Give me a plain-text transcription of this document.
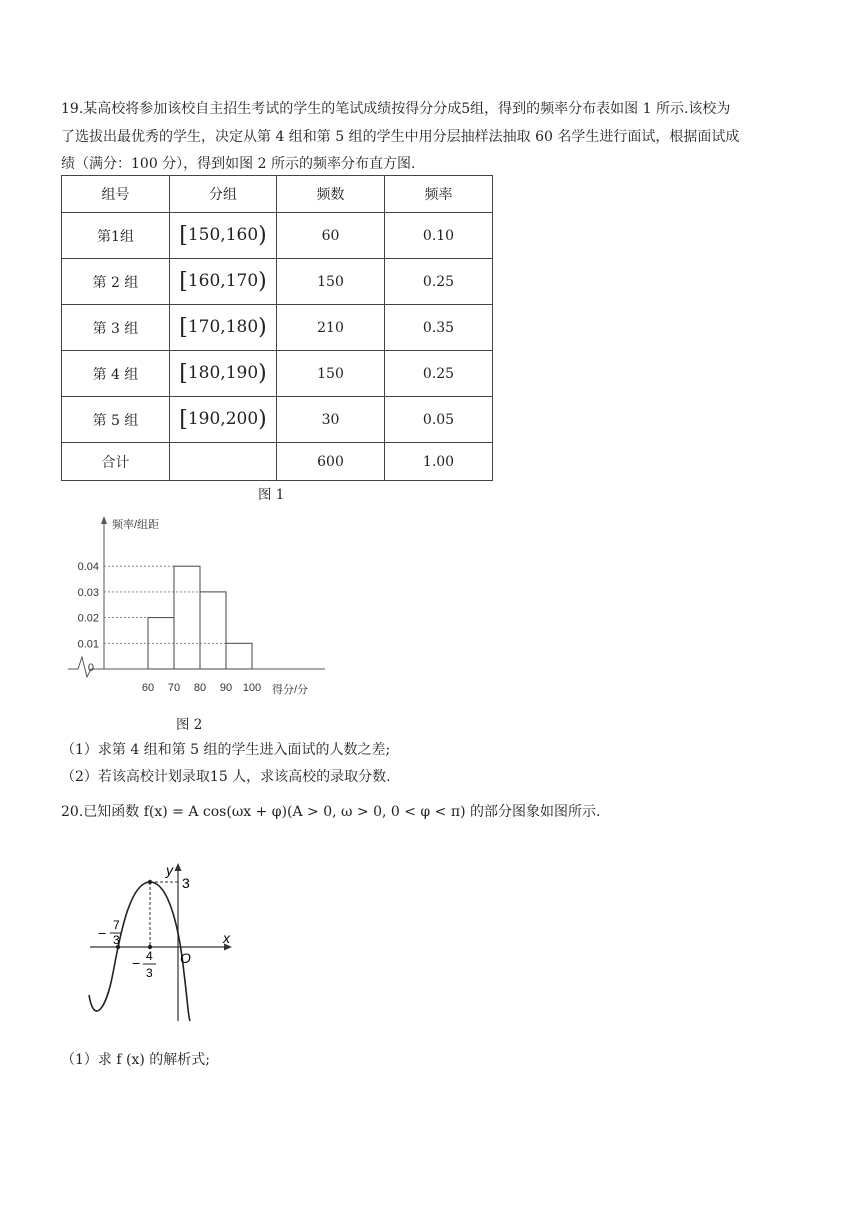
19.某高校将参加该校自主招生考试的学生的笔试成绩按得分分成5组，得到的频率分布表如图 1 所示.该校为

了选拔出最优秀的学生，决定从第 4 组和第 5 组的学生中用分层抽样法抽取 60 名学生进行面试，根据面试成

绩（满分：100 分），得到如图 2 所示的频率分布直方图.

组号	分组	频数	频率
第1组	[150,160)	60	0.10
第 2 组	[160,170)	150	0.25
第 3 组	[170,180)	210	0.35
第 4 组	[180,190)	150	0.25
第 5 组	[190,200)	30	0.05
合计		600	1.00
图 1
0.04
0.03
0.02
0.01
0
60 70 80 90 100
频率/组距
得分/分
图 2

（1）求第 4 组和第 5 组的学生进入面试的人数之差;

（2）若该高校计划录取15 人，求该高校的录取分数.

20.已知函数 f(x) = A cos(ωx + φ)(A > 0, ω > 0, 0 < φ < π) 的部分图象如图所示.

y
x
3
O
− 7
3
− 4
3

（1）求 f (x) 的解析式;
